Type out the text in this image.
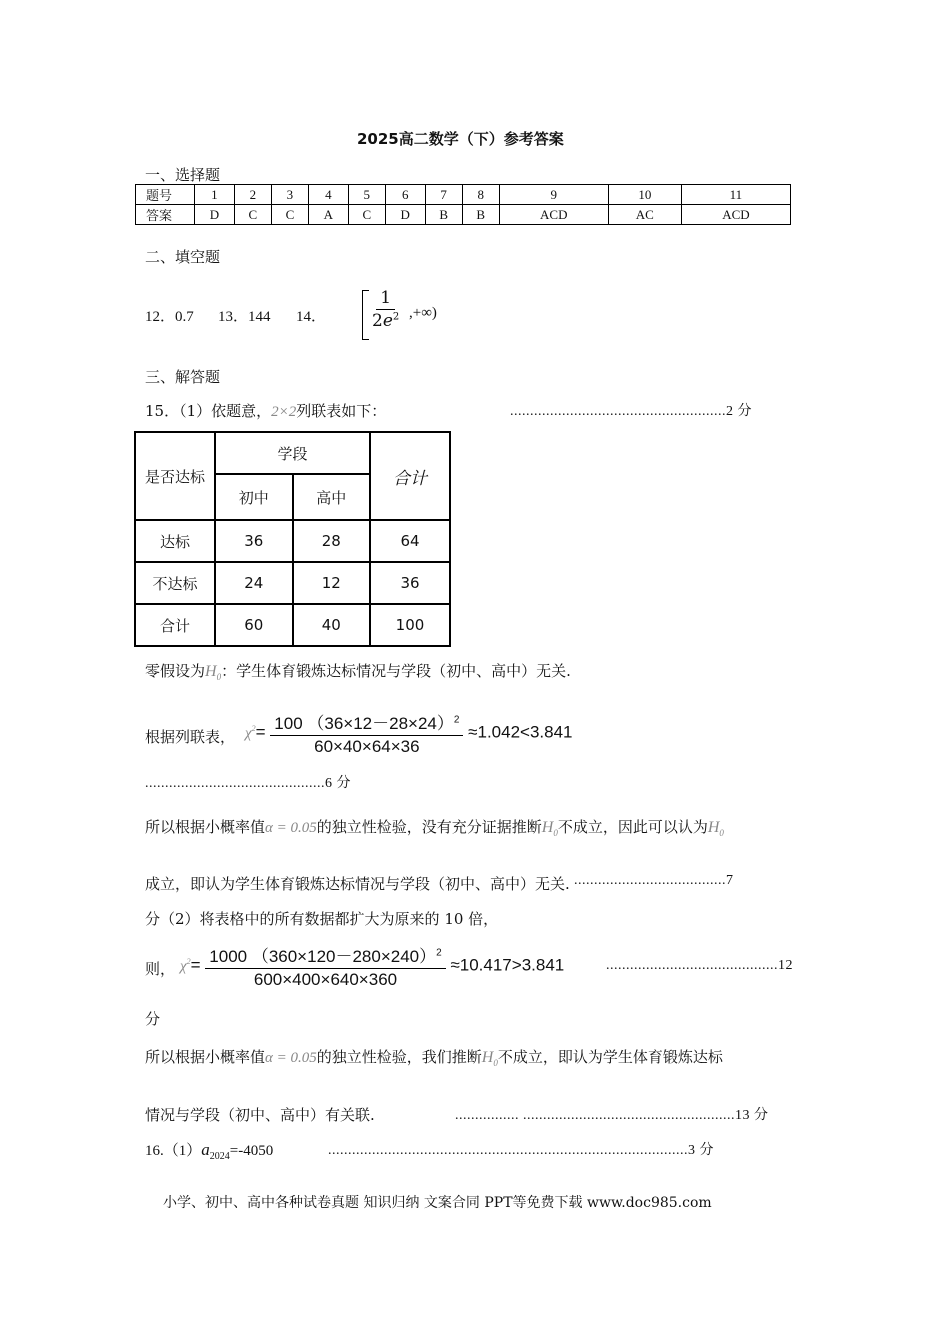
2025高二数学（下）参考答案
一、选择题
题号	1	2	3	4	5	6	7	8	9	10	11
答案	D	C	C	A	C	D	B	B	ACD	AC	ACD
二、填空题
12．0.7 13．144 14． $\frac{1}{2e^2}$ ,+∞)
三、解答题
15．（1）依题意，2×2列联表如下：	......................................................2 分
是否达标	学段		合计
	初中	高中	
达标	36	28	64
不达标	24	12	36
合计	60	40	100
零假设为$H_0$：学生体育锻炼达标情况与学段（初中、高中）无关.
根据列联表， $\chi^2= \frac{100 (36\times 12-28\times 24)^2}{60\times 40\times 64\times 36} \approx 1.042<3.841$
.............................................6 分
所以根据小概率值α = 0.05的独立性检验，没有充分证据推断$H_0$不成立，因此可以认为$H_0$
成立，即认为学生体育锻炼达标情况与学段（初中、高中）无关. ......................................7
分（2）将表格中的所有数据都扩大为原来的 10 倍，
则， $\chi^2= \frac{1000 (360\times 120-280\times 240)^2}{600\times 400\times 640\times 360} \approx 10.417>3.841$	...........................................12
分
所以根据小概率值α = 0.05的独立性检验，我们推断$H_0$不成立，即认为学生体育锻炼达标
情况与学段（初中、高中）有关联.	................ .....................................................13 分
$16.(1)a_{2024}=-4050$	..........................................................................................3 分
小学、初中、高中各种试卷真题 知识归纳 文案合同 PPT等免费下载 www.doc985.com
